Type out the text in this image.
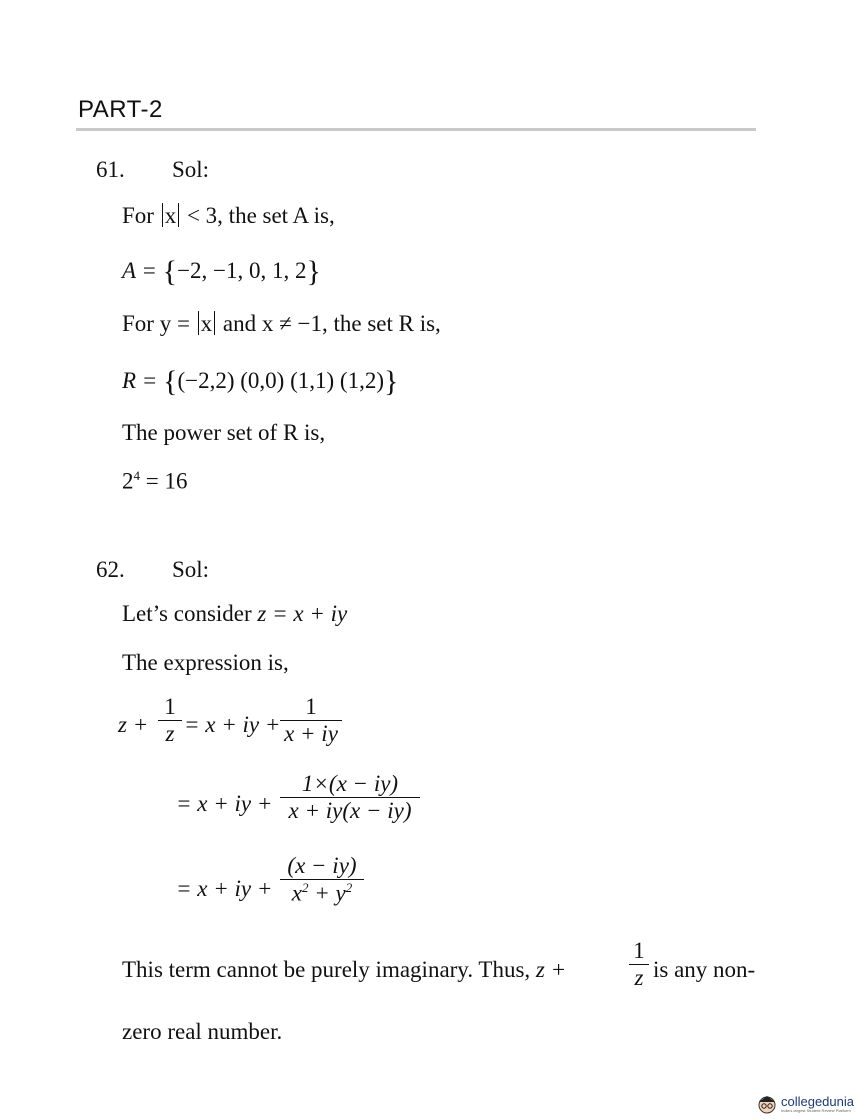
PART-2
61. Sol:
For x < 3, the set A is,
A = {−2, −1, 0, 1, 2}
For y = x and x ≠ −1, the set R is,
R = {(−2,2) (0,0) (1,1) (1,2)}
The power set of R is,
$2^4 = 16$
62. Sol:
Let’s consider z = x + iy
The expression is,
z +
1
z = x + iy +
1
x + iy
= x + iy +
1×(x − iy)
x + iy(x − iy)
= x + iy +
(x − iy)
$x^2 + y^2$
This term cannot be purely imaginary. Thus, z +
1
z is any non-
zero real number.
collegedunia
India's largest Student Review Platform
